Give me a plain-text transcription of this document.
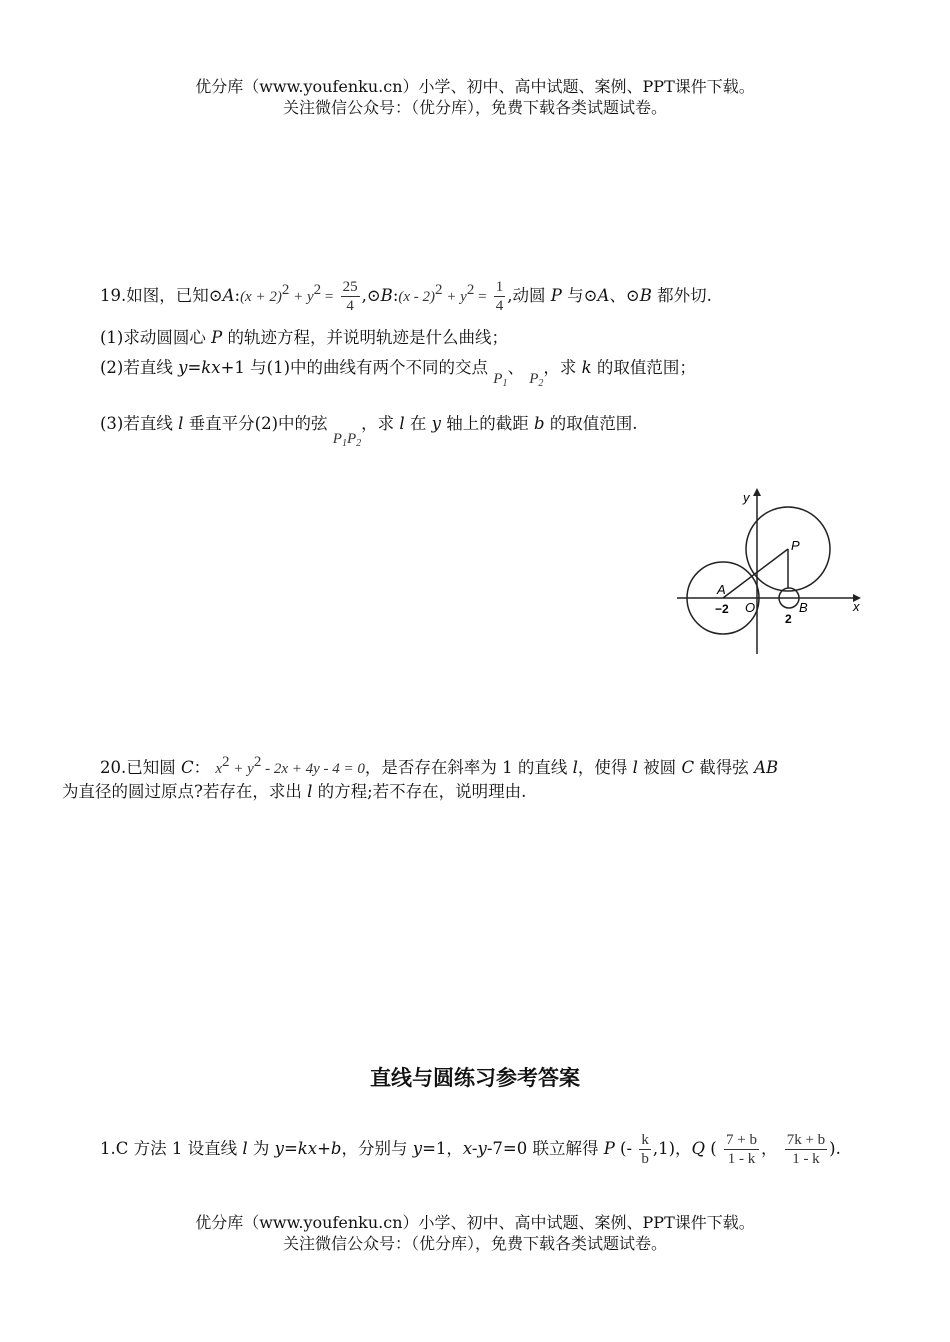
优分库（www.youfenku.cn）小学、初中、高中试题、案例、PPT课件下载。
关注微信公众号：（优分库），免费下载各类试题试卷。
19.如图，已知⊙A:(x + $2)^2 + y^2 = \frac{25}{4}$ ,⊙B:(x - $2)^2 + y^2 = \frac{1}{4}$ ,动圆 P 与⊙A、⊙B 都外切.
(1)求动圆圆心 P 的轨迹方程，并说明轨迹是什么曲线；
(2)若直线 y=kx+1 与(1)中的曲线有两个不同的交点 $P_1$、 $P_2$，求 k 的取值范围；
(3)若直线 l 垂直平分(2)中的弦 $P_1P_2$，求 l 在 y 轴上的截距 b 的取值范围.
y
x
P
A
O	B
−2
2
20.已知圆 C： $x^2 + y^2 - 2x + 4y - 4 = 0$，是否存在斜率为 1 的直线 l，使得 l 被圆 C 截得弦 AB
为直径的圆过原点?若存在，求出 l 的方程;若不存在，说明理由.
直线与圆练习参考答案
1.C 方法 1 设直线 l 为 y=kx+b，分别与 y=1，x-y-7=0 联立解得 P (- $\frac{k}{b} ,1$)，Q ( $\frac{7 + b}{1 - k}$ ， $\frac{7k + b}{1 - k}$ ).
优分库（www.youfenku.cn）小学、初中、高中试题、案例、PPT课件下载。
关注微信公众号：（优分库），免费下载各类试题试卷。
